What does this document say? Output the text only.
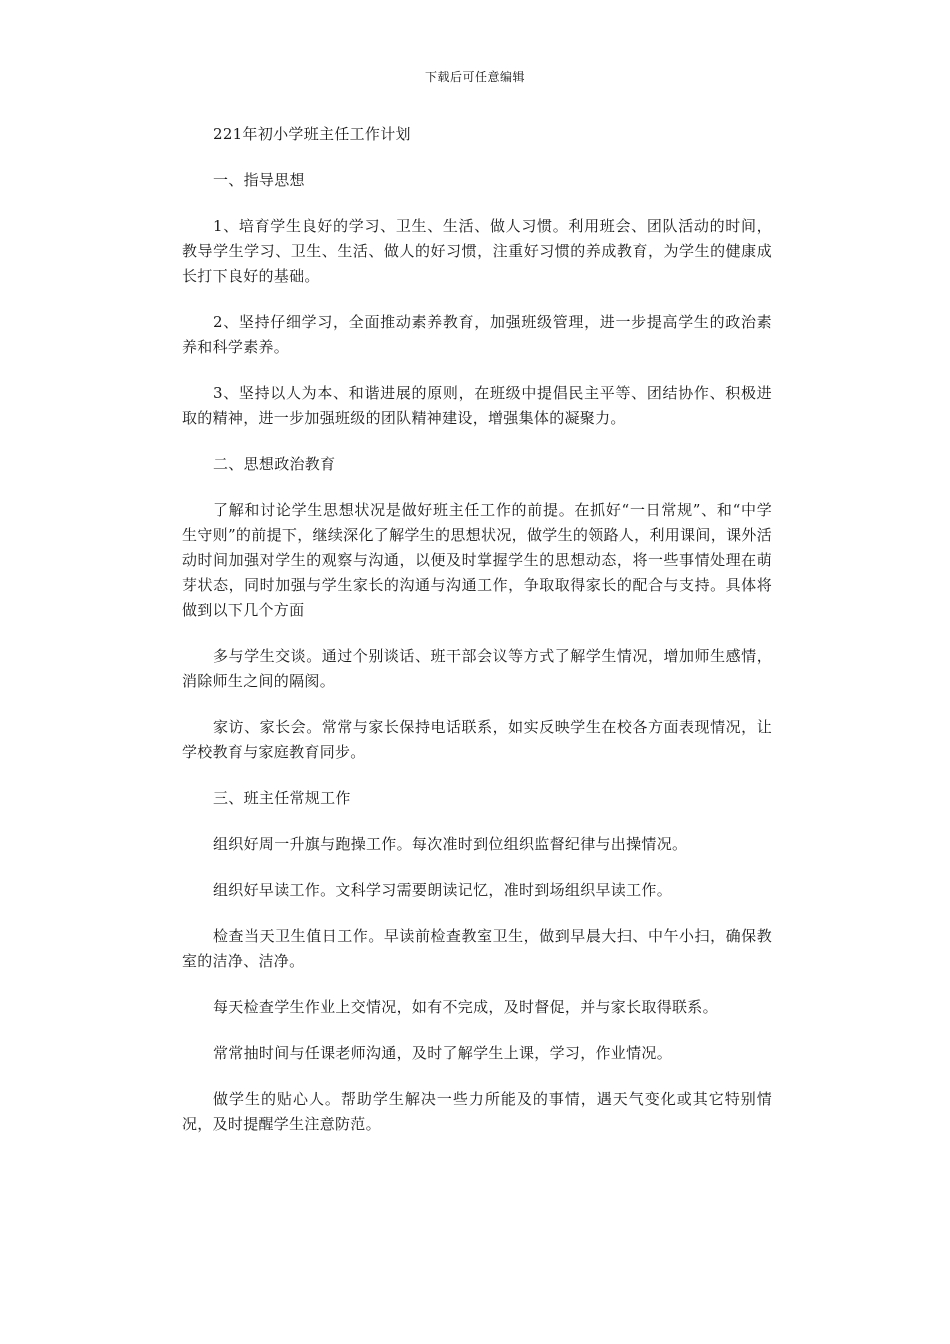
下载后可任意编辑

221年初小学班主任工作计划

一、指导思想

1、培育学生良好的学习、卫生、生活、做人习惯。利用班会、团队活动的时间，教导学生学习、卫生、生活、做人的好习惯，注重好习惯的养成教育，为学生的健康成长打下良好的基础。

2、坚持仔细学习，全面推动素养教育，加强班级管理，进一步提高学生的政治素养和科学素养。

3、坚持以人为本、和谐进展的原则，在班级中提倡民主平等、团结协作、积极进取的精神，进一步加强班级的团队精神建设，增强集体的凝聚力。

二、思想政治教育

了解和讨论学生思想状况是做好班主任工作的前提。在抓好“一日常规”、和“中学生守则”的前提下，继续深化了解学生的思想状况，做学生的领路人，利用课间，课外活动时间加强对学生的观察与沟通，以便及时掌握学生的思想动态，将一些事情处理在萌芽状态，同时加强与学生家长的沟通与沟通工作，争取取得家长的配合与支持。具体将做到以下几个方面

多与学生交谈。通过个别谈话、班干部会议等方式了解学生情况，增加师生感情，消除师生之间的隔阂。

家访、家长会。常常与家长保持电话联系，如实反映学生在校各方面表现情况，让学校教育与家庭教育同步。

三、班主任常规工作

组织好周一升旗与跑操工作。每次准时到位组织监督纪律与出操情况。

组织好早读工作。文科学习需要朗读记忆，准时到场组织早读工作。

检查当天卫生值日工作。早读前检查教室卫生，做到早晨大扫、中午小扫，确保教室的洁净、洁净。

每天检查学生作业上交情况，如有不完成，及时督促，并与家长取得联系。

常常抽时间与任课老师沟通，及时了解学生上课，学习，作业情况。

做学生的贴心人。帮助学生解决一些力所能及的事情，遇天气变化或其它特别情况，及时提醒学生注意防范。
